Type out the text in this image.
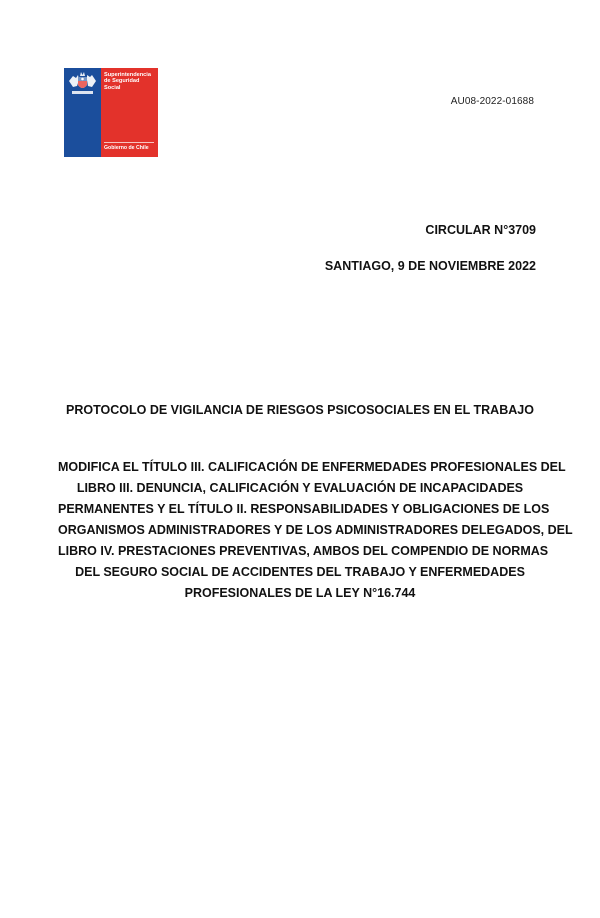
Superintendencia
de Seguridad
Social
Gobierno de Chile
AU08-2022-01688
CIRCULAR N°3709
SANTIAGO, 9 DE NOVIEMBRE 2022
PROTOCOLO DE VIGILANCIA DE RIESGOS PSICOSOCIALES EN EL TRABAJO
MODIFICA EL TÍTULO III. CALIFICACIÓN DE ENFERMEDADES PROFESIONALES DEL
LIBRO III. DENUNCIA, CALIFICACIÓN Y EVALUACIÓN DE INCAPACIDADES
PERMANENTES Y EL TÍTULO II. RESPONSABILIDADES Y OBLIGACIONES DE LOS
ORGANISMOS ADMINISTRADORES Y DE LOS ADMINISTRADORES DELEGADOS, DEL
LIBRO IV. PRESTACIONES PREVENTIVAS, AMBOS DEL COMPENDIO DE NORMAS
DEL SEGURO SOCIAL DE ACCIDENTES DEL TRABAJO Y ENFERMEDADES
PROFESIONALES DE LA LEY N°16.744
